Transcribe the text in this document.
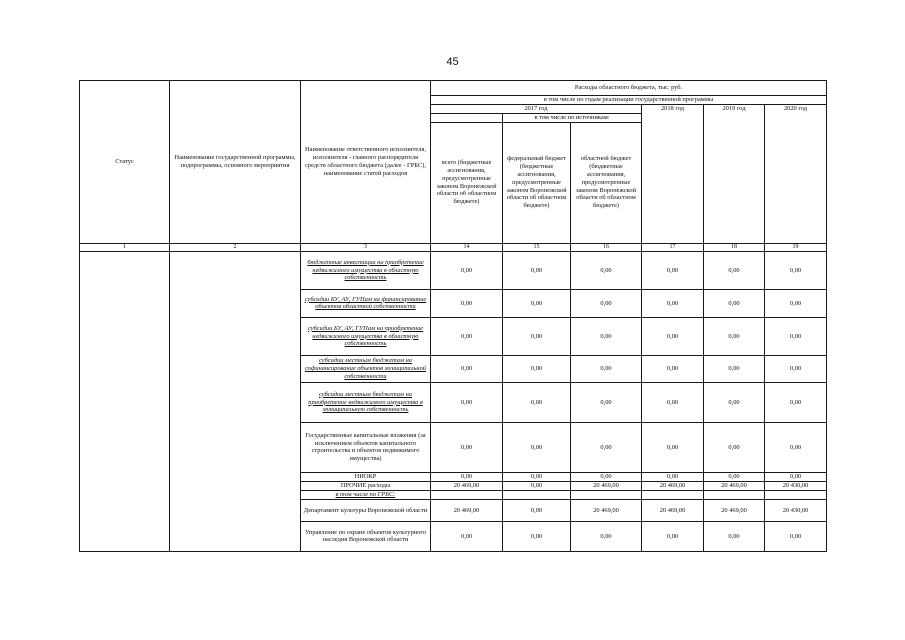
45
Статус	Наименование государственной программы, подпрограммы, основного мероприятия	Наименование ответственного исполнителя, исполнителя - главного распорядителя средств областного бюджета (далее - ГРБС), наименование статей расходов	Расходы областного бюджета, тыс. руб.					
			в том числе по годам реализации государственной программы					
			2017 год			2018 год	2019 год	2020 год
				в том числе по источникам:				
			всего (бюджетные ассигнования, предусмотренные законом Воронежской области об областном бюджете)	федеральный бюджет (бюджетные ассигнования, предусмотренные законом Воронежской области об областном бюджете)	областной бюджет (бюджетные ассигнования, предусмотренные законом Воронежской области об областном бюджете)			
1	2	3	14	15	16	17	18	19
		бюджетные инвестиции на приобретение недвижимого имущества в областную собственность	0,00	0,00	0,00	0,00	0,00	0,00
		субсидии БУ, АУ, ГУПам на финансирование объектов областной собственности	0,00	0,00	0,00	0,00	0,00	0,00
		субсидии БУ, АУ, ГУПам на приобретение недвижимого имущества в областную собственность	0,00	0,00	0,00	0,00	0,00	0,00
		субсидии местным бюджетам на софинансирование объектов муниципальной собственности	0,00	0,00	0,00	0,00	0,00	0,00
		субсидии местным бюджетам на приобретение недвижимого имущества в муниципальную собственность	0,00	0,00	0,00	0,00	0,00	0,00
		Государственные капитальные вложения (за исключением объектов капитального строительства и объектов недвижимого имущества)	0,00	0,00	0,00	0,00	0,00	0,00
		НИОКР	0,00	0,00	0,00	0,00	0,00	0,00
		ПРОЧИЕ расходы	20 469,00	0,00	20 469,00	20 469,00	20 469,00	20 430,00
		в том числе по ГРБС:						
		Департамент культуры Воронежской области	20 469,00	0,00	20 469,00	20 469,00	20 469,00	20 430,00
		Управление по охране объектов культурного наследия Воронежской области	0,00	0,00	0,00	0,00	0,00	0,00
